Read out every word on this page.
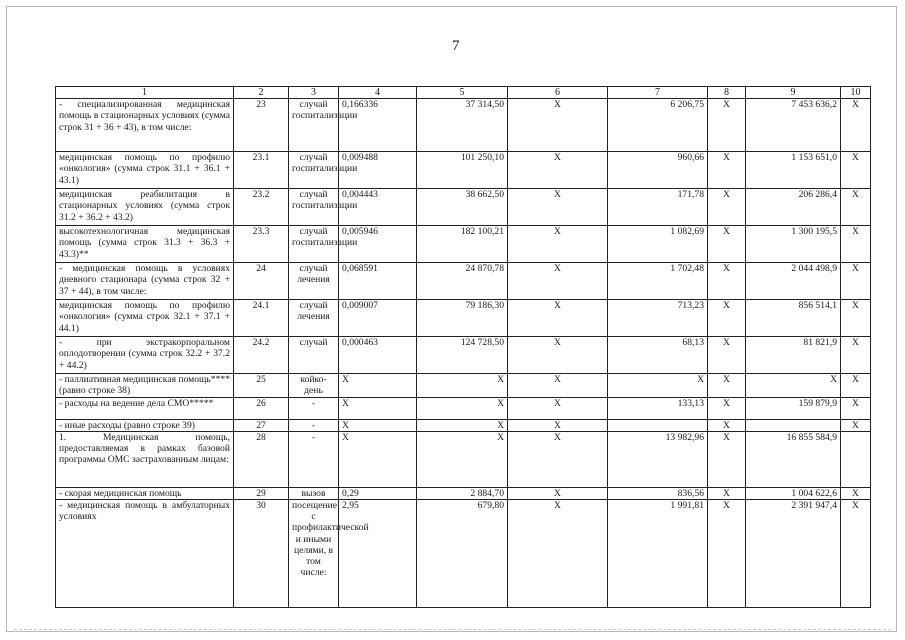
7
1	2	3	4	5	6	7	8	9	10
- специализированная медицинская помощь в стационарных условиях (сумма строк 31 + 36 + 43), в том числе:	23	случай госпитализации	0,166336	37 314,50	X	6 206,75	X	7 453 636,2	X
медицинская помощь по профилю «онкология» (сумма строк 31.1 + 36.1 + 43.1)	23.1	случай госпитализации	0,009488	101 250,10	X	960,66	X	1 153 651,0	X
медицинская реабилитация в стационарных условиях (сумма строк 31.2 + 36.2 + 43.2)	23.2	случай госпитализации	0,004443	38 662,50	X	171,78	X	206 286,4	X
высокотехнологичная медицинская помощь (сумма строк 31.3 + 36.3 + 43.3)**	23.3	случай госпитализации	0,005946	182 100,21	X	1 082,69	X	1 300 195,5	X
- медицинская помощь в условиях дневного стационара (сумма строк 32 + 37 + 44), в том числе:	24	случай лечения	0,068591	24 870,78	X	1 702,48	X	2 044 498,9	X
медицинская помощь по профилю «онкология» (сумма строк 32.1 + 37.1 + 44.1)	24.1	случай лечения	0,009007	79 186,30	X	713,23	X	856 514,1	X
- при экстракорпоральном оплодотворении (сумма строк 32.2 + 37.2 + 44.2)	24.2	случай	0,000463	124 728,50	X	68,13	X	81 821,9	X
- паллиативная медицинская помощь**** (равно строке 38)	25	койко-день	X	X	X	X	X	X	X
- расходы на ведение дела СМО*****	26	-	X	X	X	133,13	X	159 879,9	X
- иные расходы (равно строке 39)	27	-	X	X	X		X		X
1. Медицинская помощь, предоставляемая в рамках базовой программы ОМС застрахованным лицам:	28	-	X	X	X	13 982,96	X	16 855 584,9	
- скорая медицинская помощь	29	вызов	0,29	2 884,70	X	836,56	X	1 004 622,6	X
- медицинская помощь в амбулаторных условиях	30	посещение с профилактической и иными целями, в том числе:	2,95	679,80	X	1 991,81	X	2 391 947,4	X
